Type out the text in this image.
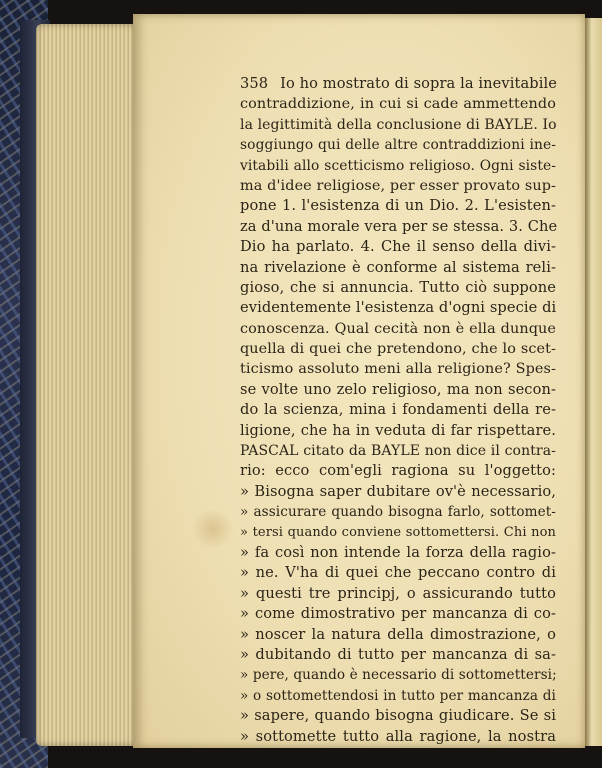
358 Io ho mostrato di sopra la inevitabile
contraddizione, in cui si cade ammettendo
la legittimità della conclusione di BAYLE. Io
soggiungo qui delle altre contraddizioni ine-
vitabili allo scetticismo religioso. Ogni siste-
ma d'idee religiose, per esser provato sup-
pone 1. l'esistenza di un Dio. 2. L'esisten-
za d'una morale vera per se stessa. 3. Che
Dio ha parlato. 4. Che il senso della divi-
na rivelazione è conforme al sistema reli-
gioso, che si annuncia. Tutto ciò suppone
evidentemente l'esistenza d'ogni specie di
conoscenza. Qual cecità non è ella dunque
quella di quei che pretendono, che lo scet-
ticismo assoluto meni alla religione? Spes-
se volte uno zelo religioso, ma non secon-
do la scienza, mina i fondamenti della re-
ligione, che ha in veduta di far rispettare.
PASCAL citato da BAYLE non dice il contra-
rio: ecco com'egli ragiona su l'oggetto:
» Bisogna saper dubitare ov'è necessario,
» assicurare quando bisogna farlo, sottomet-
» tersi quando conviene sottomettersi. Chi non
» fa così non intende la forza della ragio-
» ne. V'ha di quei che peccano contro di
» questi tre principj, o assicurando tutto
» come dimostrativo per mancanza di co-
» noscer la natura della dimostrazione, o
» dubitando di tutto per mancanza di sa-
» pere, quando è necessario di sottomettersi;
» o sottomettendosi in tutto per mancanza di
» sapere, quando bisogna giudicare. Se si
» sottomette tutto alla ragione, la nostra
